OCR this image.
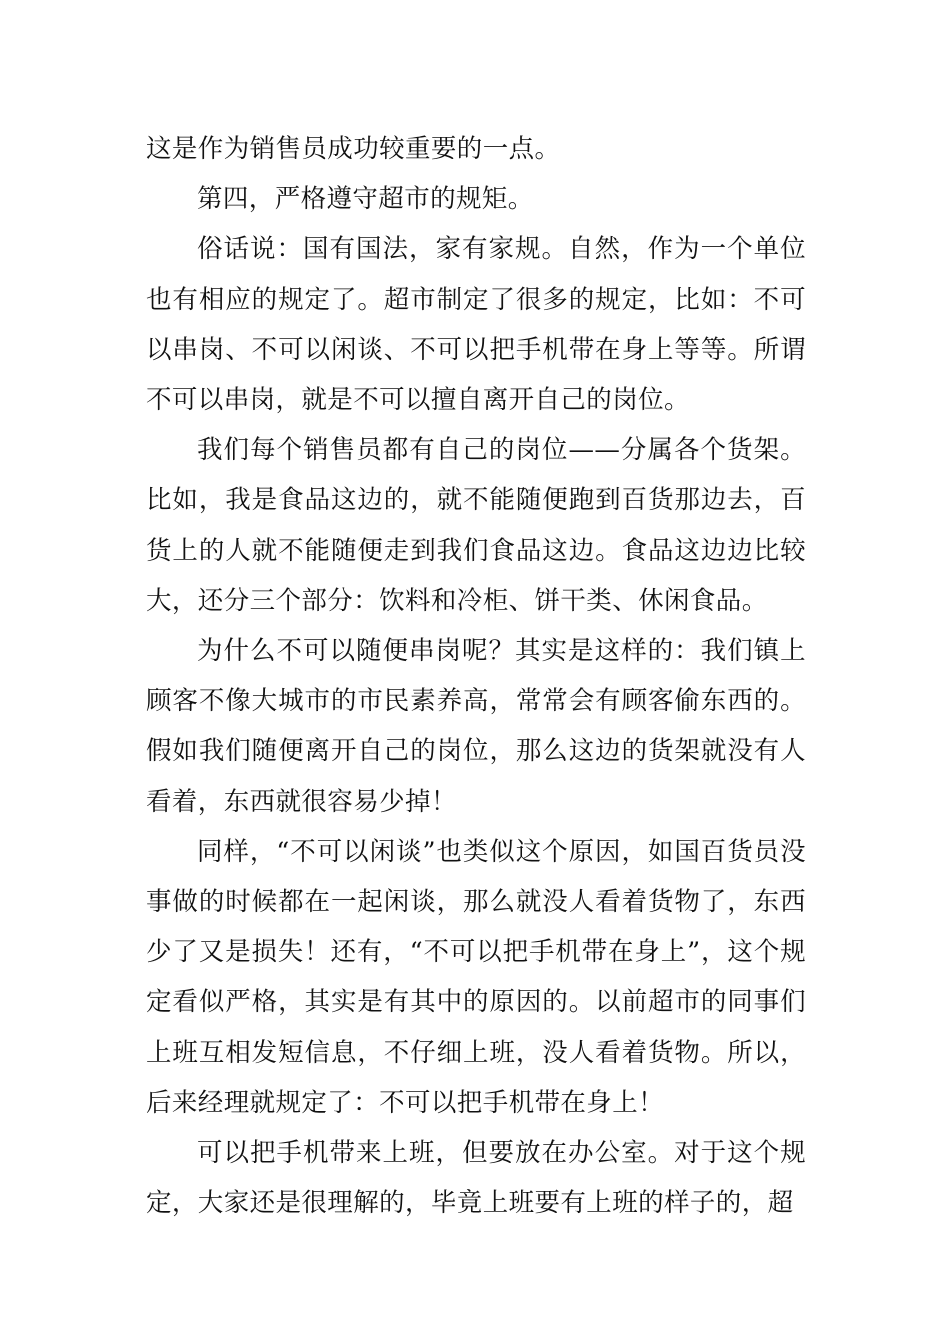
这是作为销售员成功较重要的一点。

第四，严格遵守超市的规矩。

俗话说：国有国法，家有家规。自然，作为一个单位也有相应的规定了。超市制定了很多的规定，比如：不可以串岗、不可以闲谈、不可以把手机带在身上等等。所谓不可以串岗，就是不可以擅自离开自己的岗位。

我们每个销售员都有自己的岗位——分属各个货架。比如，我是食品这边的，就不能随便跑到百货那边去，百货上的人就不能随便走到我们食品这边。食品这边边比较大，还分三个部分：饮料和冷柜、饼干类、休闲食品。

为什么不可以随便串岗呢？其实是这样的：我们镇上顾客不像大城市的市民素养高，常常会有顾客偷东西的。假如我们随便离开自己的岗位，那么这边的货架就没有人看着，东西就很容易少掉！

同样，“不可以闲谈”也类似这个原因，如国百货员没事做的时候都在一起闲谈，那么就没人看着货物了，东西少了又是损失！还有，“不可以把手机带在身上”，这个规定看似严格，其实是有其中的原因的。以前超市的同事们上班互相发短信息，不仔细上班，没人看着货物。所以，后来经理就规定了：不可以把手机带在身上！

可以把手机带来上班，但要放在办公室。对于这个规定，大家还是很理解的，毕竟上班要有上班的样子的，超
